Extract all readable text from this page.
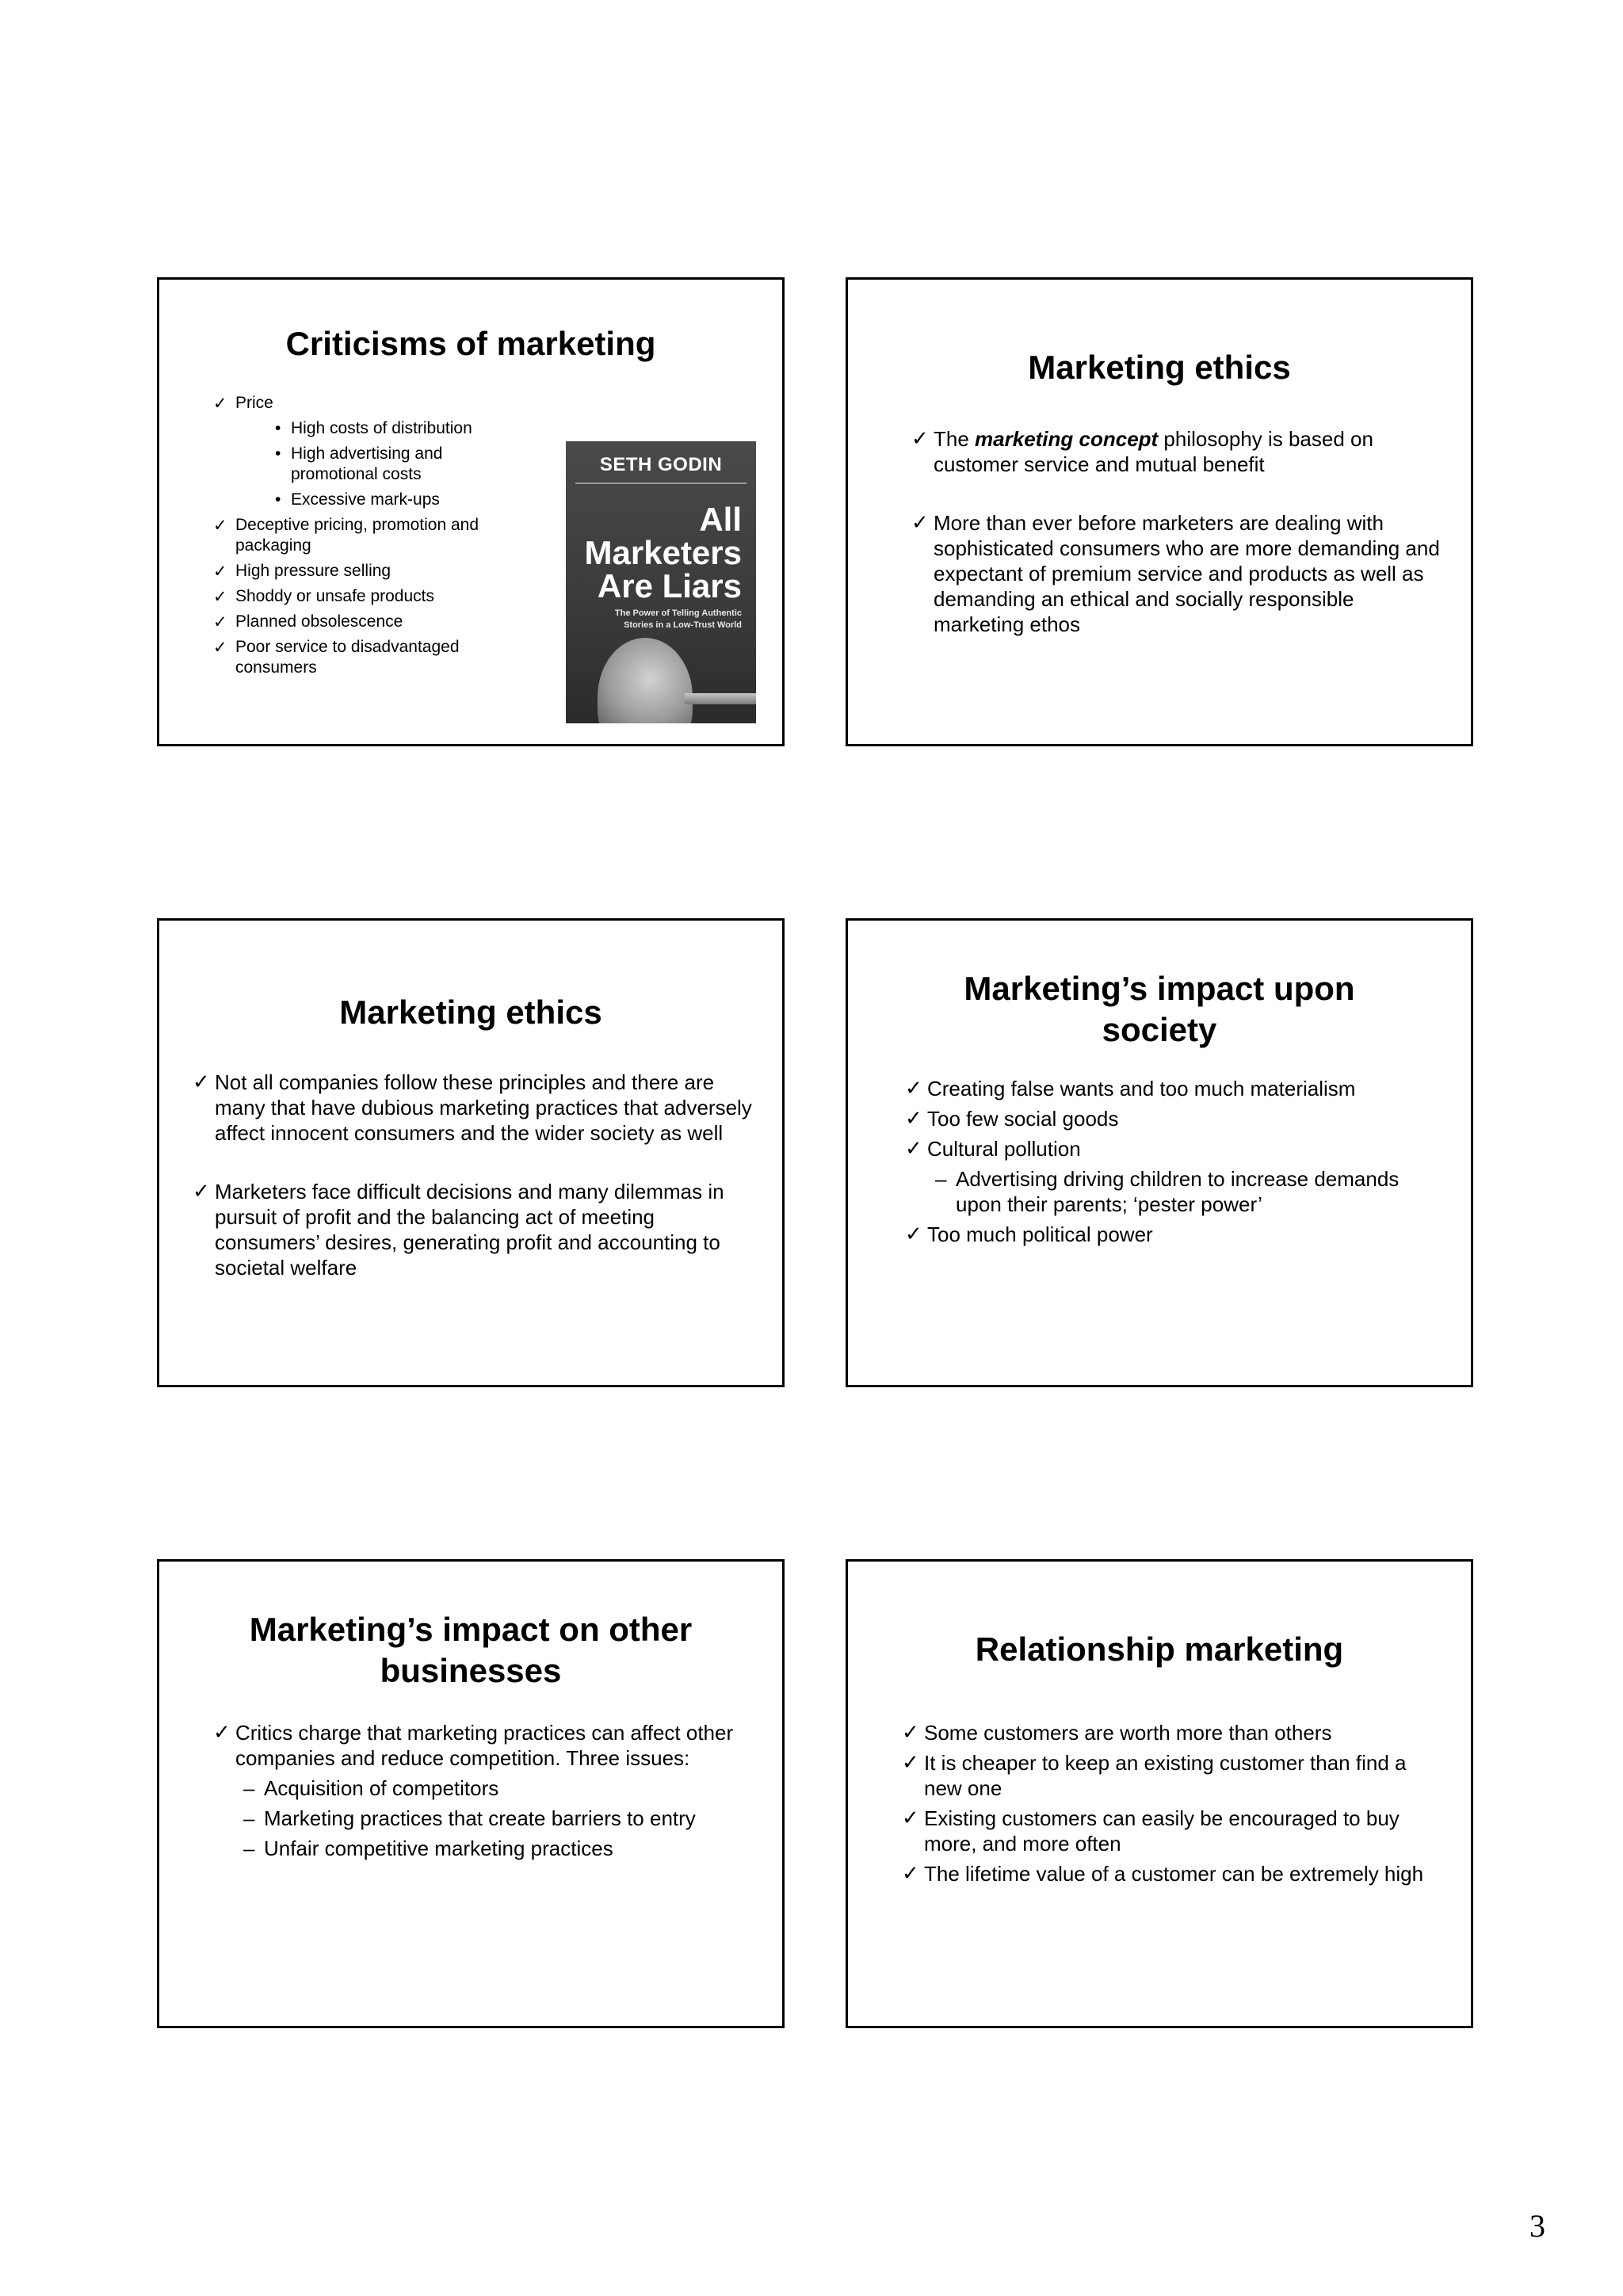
Criticisms of marketing
✓ Price
• High costs of distribution
• High advertising and promotional costs
• Excessive mark-ups
✓ Deceptive pricing, promotion and packaging
✓ High pressure selling
✓ Shoddy or unsafe products
✓ Planned obsolescence
✓ Poor service to disadvantaged consumers
SETH GODIN
All
Marketers
Are Liars
The Power of Telling Authentic Stories in a Low-Trust World
Marketing ethics
✓ The marketing concept philosophy is based on customer service and mutual benefit
✓ More than ever before marketers are dealing with sophisticated consumers who are more demanding and expectant of premium service and products as well as demanding an ethical and socially responsible marketing ethos
Marketing ethics
✓ Not all companies follow these principles and there are many that have dubious marketing practices that adversely affect innocent consumers and the wider society as well
✓ Marketers face difficult decisions and many dilemmas in pursuit of profit and the balancing act of meeting consumers’ desires, generating profit and accounting to societal welfare
Marketing’s impact upon
society
✓ Creating false wants and too much materialism
✓ Too few social goods
✓ Cultural pollution
– Advertising driving children to increase demands upon their parents; ‘pester power’
✓ Too much political power
Marketing’s impact on other
businesses
✓ Critics charge that marketing practices can affect other companies and reduce competition. Three issues:
– Acquisition of competitors
– Marketing practices that create barriers to entry
– Unfair competitive marketing practices
Relationship marketing
✓ Some customers are worth more than others
✓ It is cheaper to keep an existing customer than find a new one
✓ Existing customers can easily be encouraged to buy more, and more often
✓ The lifetime value of a customer can be extremely high
3
